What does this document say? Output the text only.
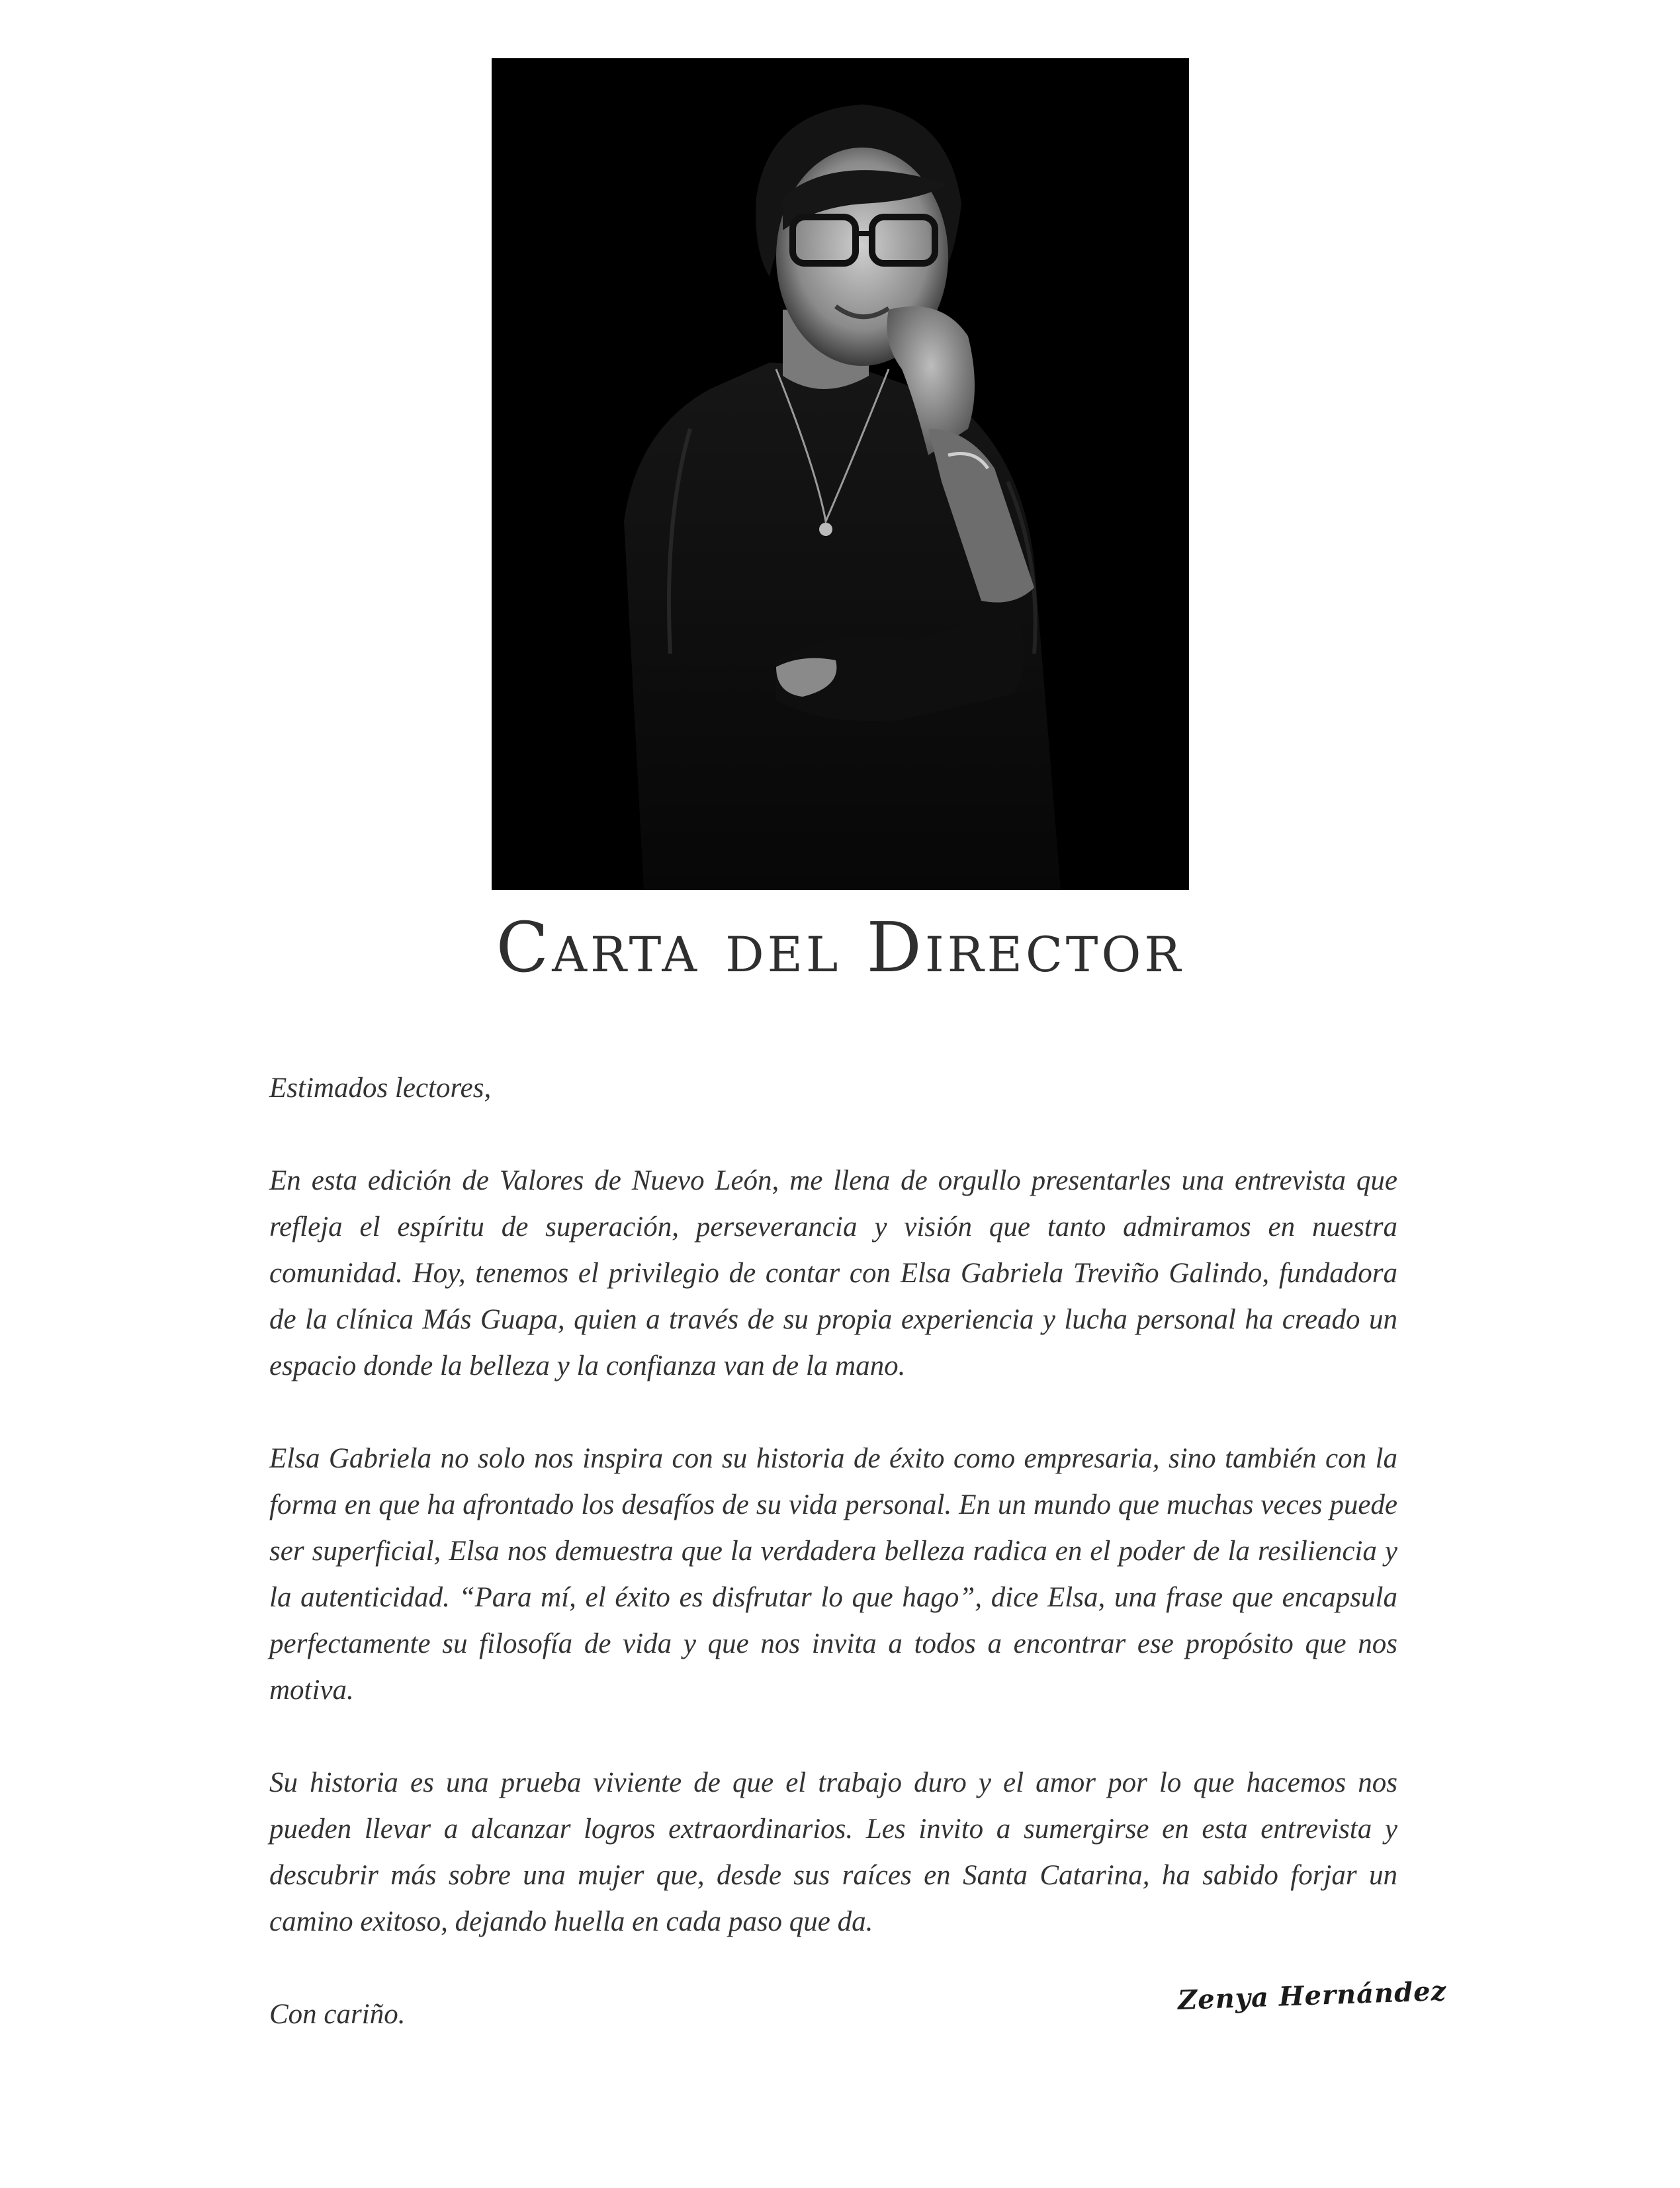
Carta del Director

Estimados lectores,

En esta edición de Valores de Nuevo León, me llena de orgullo presentarles una entrevista que refleja el espíritu de superación, perseverancia y visión que tanto admiramos en nuestra comunidad. Hoy, tenemos el privilegio de contar con Elsa Gabriela Treviño Galindo, fundadora de la clínica Más Guapa, quien a través de su propia experiencia y lucha personal ha creado un espacio donde la belleza y la confianza van de la mano.

Elsa Gabriela no solo nos inspira con su historia de éxito como empresaria, sino también con la forma en que ha afrontado los desafíos de su vida personal. En un mundo que muchas veces puede ser superficial, Elsa nos demuestra que la verdadera belleza radica en el poder de la resiliencia y la autenticidad. “Para mí, el éxito es disfrutar lo que hago”, dice Elsa, una frase que encapsula perfectamente su filosofía de vida y que nos invita a todos a encontrar ese propósito que nos motiva.

Su historia es una prueba viviente de que el trabajo duro y el amor por lo que hacemos nos pueden llevar a alcanzar logros extraordinarios. Les invito a sumergirse en esta entrevista y descubrir más sobre una mujer que, desde sus raíces en Santa Catarina, ha sabido forjar un camino exitoso, dejando huella en cada paso que da.

Con cariño.	Zenya Hernández
